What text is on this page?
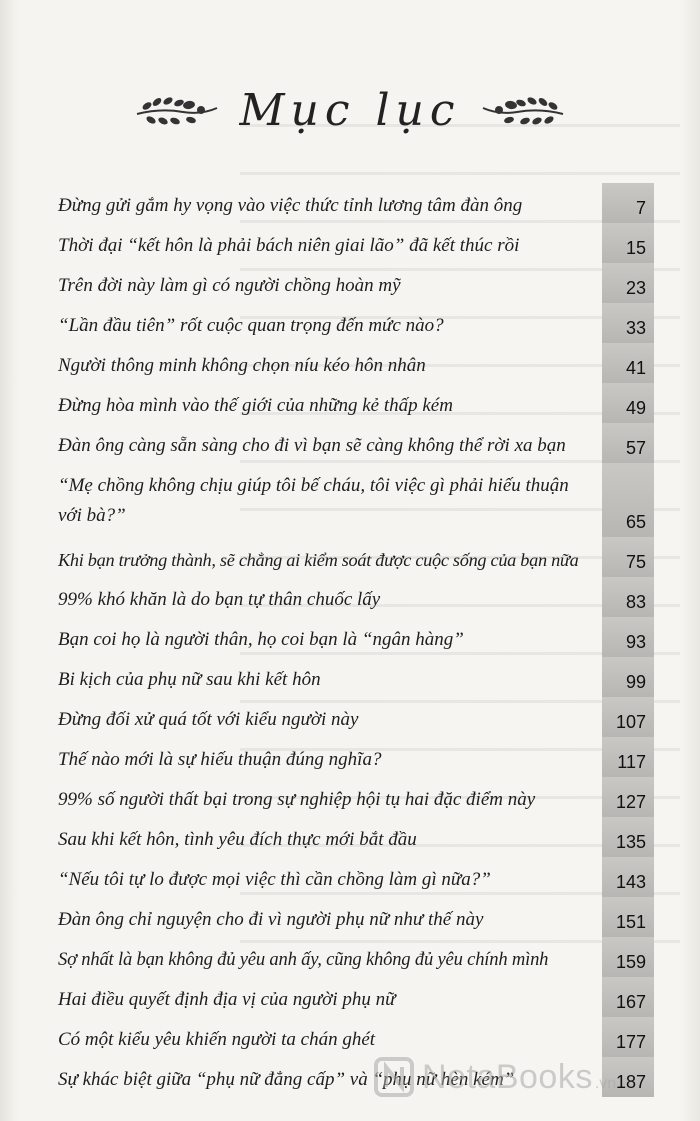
Mục lục
Đừng gửi gắm hy vọng vào việc thức tỉnh lương tâm đàn ông	7
Thời đại “kết hôn là phải bách niên giai lão” đã kết thúc rồi	15
Trên đời này làm gì có người chồng hoàn mỹ	23
“Lần đầu tiên” rốt cuộc quan trọng đến mức nào?	33
Người thông minh không chọn níu kéo hôn nhân	41
Đừng hòa mình vào thế giới của những kẻ thấp kém	49
Đàn ông càng sẵn sàng cho đi vì bạn sẽ càng không thể rời xa bạn	57
“Mẹ chồng không chịu giúp tôi bế cháu, tôi việc gì phải hiếu thuận với bà?”	65
Khi bạn trưởng thành, sẽ chẳng ai kiểm soát được cuộc sống của bạn nữa	75
99% khó khăn là do bạn tự thân chuốc lấy	83
Bạn coi họ là người thân, họ coi bạn là “ngân hàng”	93
Bi kịch của phụ nữ sau khi kết hôn	99
Đừng đối xử quá tốt với kiểu người này	107
Thế nào mới là sự hiếu thuận đúng nghĩa?	117
99% số người thất bại trong sự nghiệp hội tụ hai đặc điểm này	127
Sau khi kết hôn, tình yêu đích thực mới bắt đầu	135
“Nếu tôi tự lo được mọi việc thì cần chồng làm gì nữa?”	143
Đàn ông chỉ nguyện cho đi vì người phụ nữ như thế này	151
Sợ nhất là bạn không đủ yêu anh ấy, cũng không đủ yêu chính mình	159
Hai điều quyết định địa vị của người phụ nữ	167
Có một kiểu yêu khiến người ta chán ghét	177
Sự khác biệt giữa “phụ nữ đẳng cấp” và “phụ nữ hèn kém”	187
NetaBooks .vn
